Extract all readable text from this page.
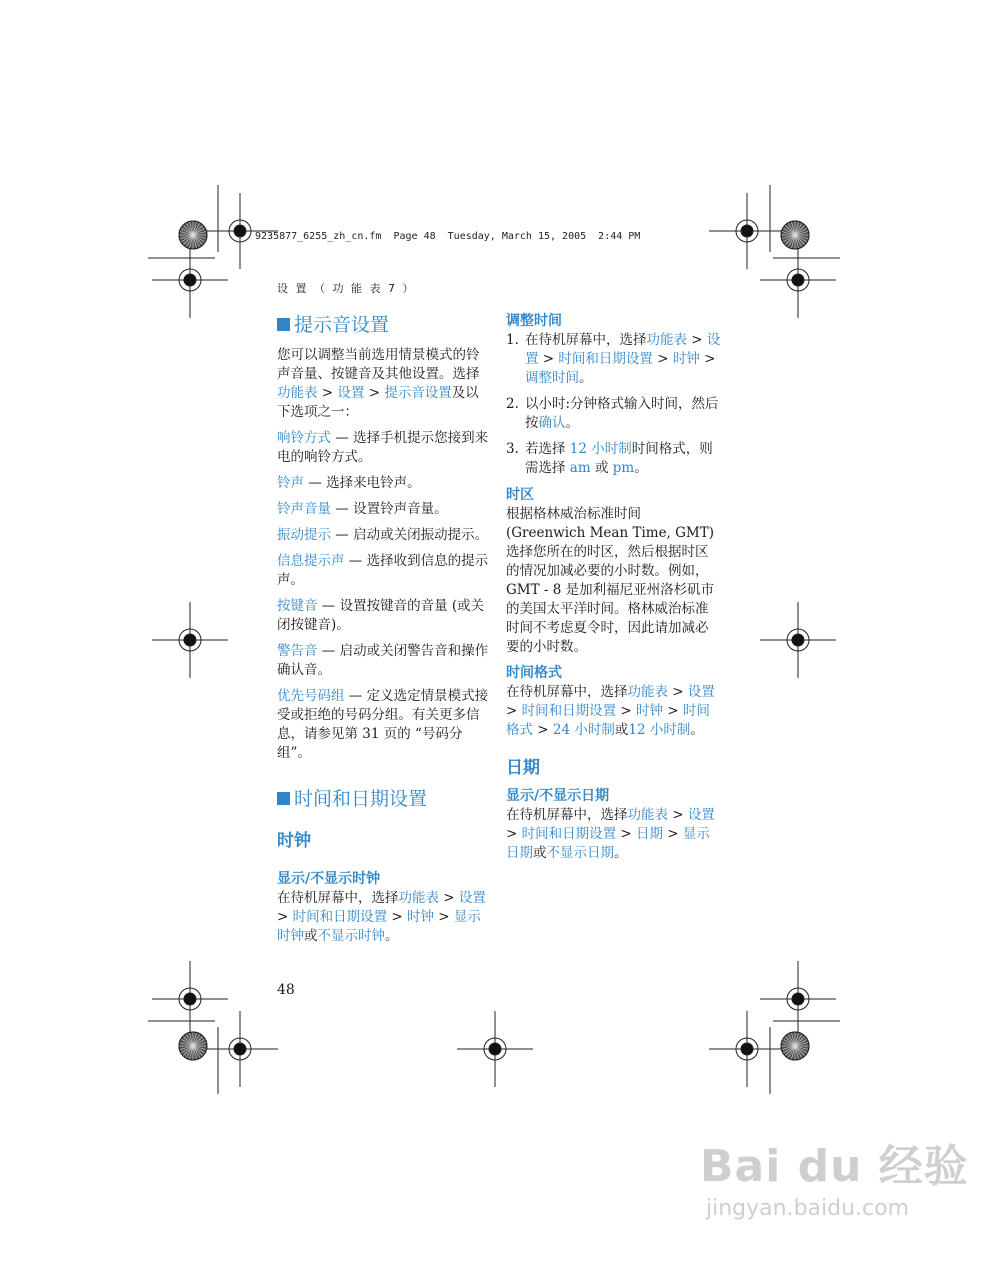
9235877_6255_zh_cn.fm  Page 48  Tuesday, March 15, 2005  2:44 PM
设 置 （ 功 能 表 7 ）
提示音设置

您可以调整当前选用情景模式的铃声音量、按键音及其他设置。选择功能表 > 设置 > 提示音设置及以下选项之一：

响铃方式 — 选择手机提示您接到来电的响铃方式。
铃声 — 选择来电铃声。
铃声音量 — 设置铃声音量。
振动提示 — 启动或关闭振动提示。
信息提示声 — 选择收到信息的提示声。
按键音 — 设置按键音的音量 (或关闭按键音)。
警告音 — 启动或关闭警告音和操作确认音。
优先号码组 — 定义选定情景模式接受或拒绝的号码分组。有关更多信息，请参见第 31 页的 “号码分组”。
时间和日期设置
时钟
显示/不显示时钟

在待机屏幕中，选择功能表 > 设置 > 时间和日期设置 > 时钟 > 显示时钟或不显示时钟。

调整时间
1. 在待机屏幕中，选择功能表 > 设置 > 时间和日期设置 > 时钟 > 调整时间。
2. 以小时:分钟格式输入时间，然后按确认。
3. 若选择 12 小时制时间格式，则需选择 am 或 pm。
时区

根据格林威治标准时间 (Greenwich Mean Time, GMT) 选择您所在的时区，然后根据时区的情况加减必要的小时数。例如，GMT - 8 是加利福尼亚州洛杉矶市的美国太平洋时间。格林威治标准时间不考虑夏令时，因此请加减必要的小时数。

时间格式

在待机屏幕中，选择功能表 > 设置 > 时间和日期设置 > 时钟 > 时间格式 > 24 小时制或12 小时制。

日期
显示/不显示日期

在待机屏幕中，选择功能表 > 设置 > 时间和日期设置 > 日期 > 显示日期或不显示日期。

48
Bai du 经验
jingyan.baidu.com
